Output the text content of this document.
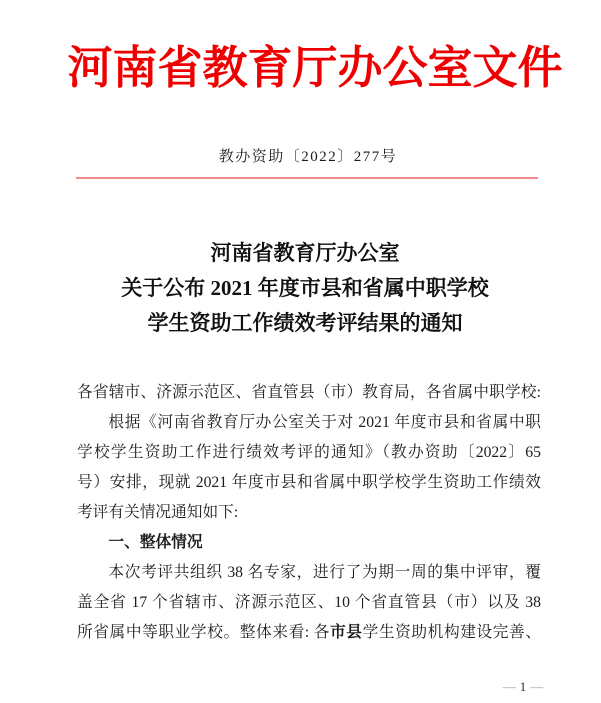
河南省教育厅办公室文件
教办资助〔2022〕277号
河南省教育厅办公室
关于公布 2021 年度市县和省属中职学校
学生资助工作绩效考评结果的通知
各省辖市、济源示范区、省直管县（市）教育局，各省属中职学校:
根据《河南省教育厅办公室关于对 2021 年度市县和省属中职
学校学生资助工作进行绩效考评的通知》（教办资助〔2022〕65
号）安排，现就 2021 年度市县和省属中职学校学生资助工作绩效
考评有关情况通知如下:
一、整体情况
本次考评共组织 38 名专家，进行了为期一周的集中评审，覆
盖全省 17 个省辖市、济源示范区、10 个省直管县（市）以及 38
所省属中等职业学校。整体来看: 各市县学生资助机构建设完善、
— 1 —
